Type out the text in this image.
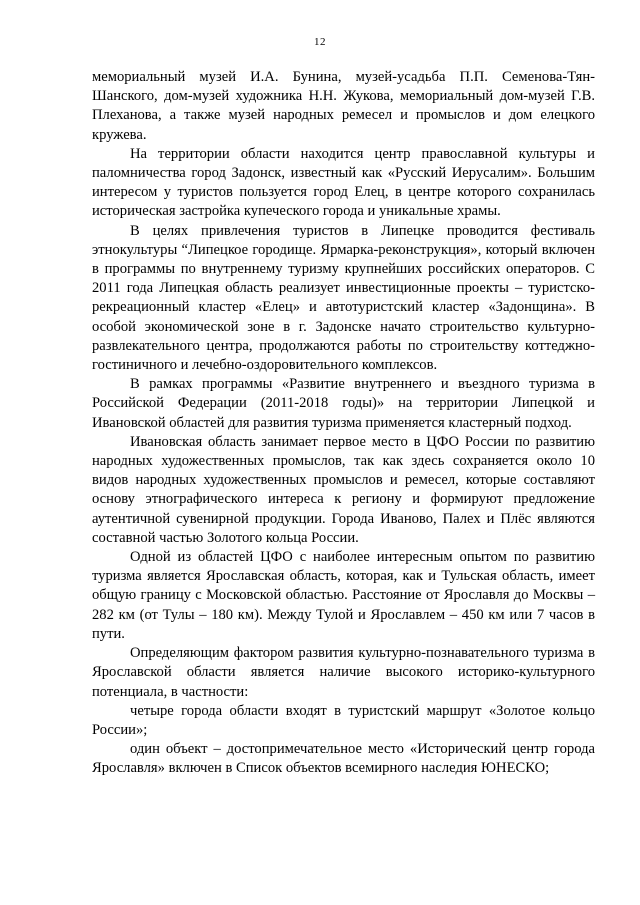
12

мемориальный музей И.А. Бунина, музей-усадьба П.П. Семенова-Тян-Шанского, дом-музей художника Н.Н. Жукова, мемориальный дом-музей Г.В. Плеханова, а также музей народных ремесел и промыслов и дом елецкого кружева.

На территории области находится центр православной культуры и паломничества город Задонск, известный как «Русский Иерусалим». Большим интересом у туристов пользуется город Елец, в центре которого сохранилась историческая застройка купеческого города и уникальные храмы.

В целях привлечения туристов в Липецке проводится фестиваль этнокультуры “Липецкое городище. Ярмарка-реконструкция», который включен в программы по внутреннему туризму крупнейших российских операторов. С 2011 года Липецкая область реализует инвестиционные проекты – туристско-рекреационный кластер «Елец» и автотуристский кластер «Задонщина». В особой экономической зоне в г. Задонске начато строительство культурно-развлекательного центра, продолжаются работы по строительству коттеджно-гостиничного и лечебно-оздоровительного комплексов.

В рамках программы «Развитие внутреннего и въездного туризма в Российской Федерации (2011-2018 годы)» на территории Липецкой и Ивановской областей для развития туризма применяется кластерный подход.

Ивановская область занимает первое место в ЦФО России по развитию народных художественных промыслов, так как здесь сохраняется около 10 видов народных художественных промыслов и ремесел, которые составляют основу этнографического интереса к региону и формируют предложение аутентичной сувенирной продукции. Города Иваново, Палех и Плёс являются составной частью Золотого кольца России.

Одной из областей ЦФО с наиболее интересным опытом по развитию туризма является Ярославская область, которая, как и Тульская область, имеет общую границу с Московской областью. Расстояние от Ярославля до Москвы – 282 км (от Тулы – 180 км). Между Тулой и Ярославлем – 450 км или 7 часов в пути.

Определяющим фактором развития культурно-познавательного туризма в Ярославской области является наличие высокого историко-культурного потенциала, в частности:

четыре города области входят в туристский маршрут «Золотое кольцо России»;

один объект – достопримечательное место «Исторический центр города Ярославля» включен в Список объектов всемирного наследия ЮНЕСКО;
